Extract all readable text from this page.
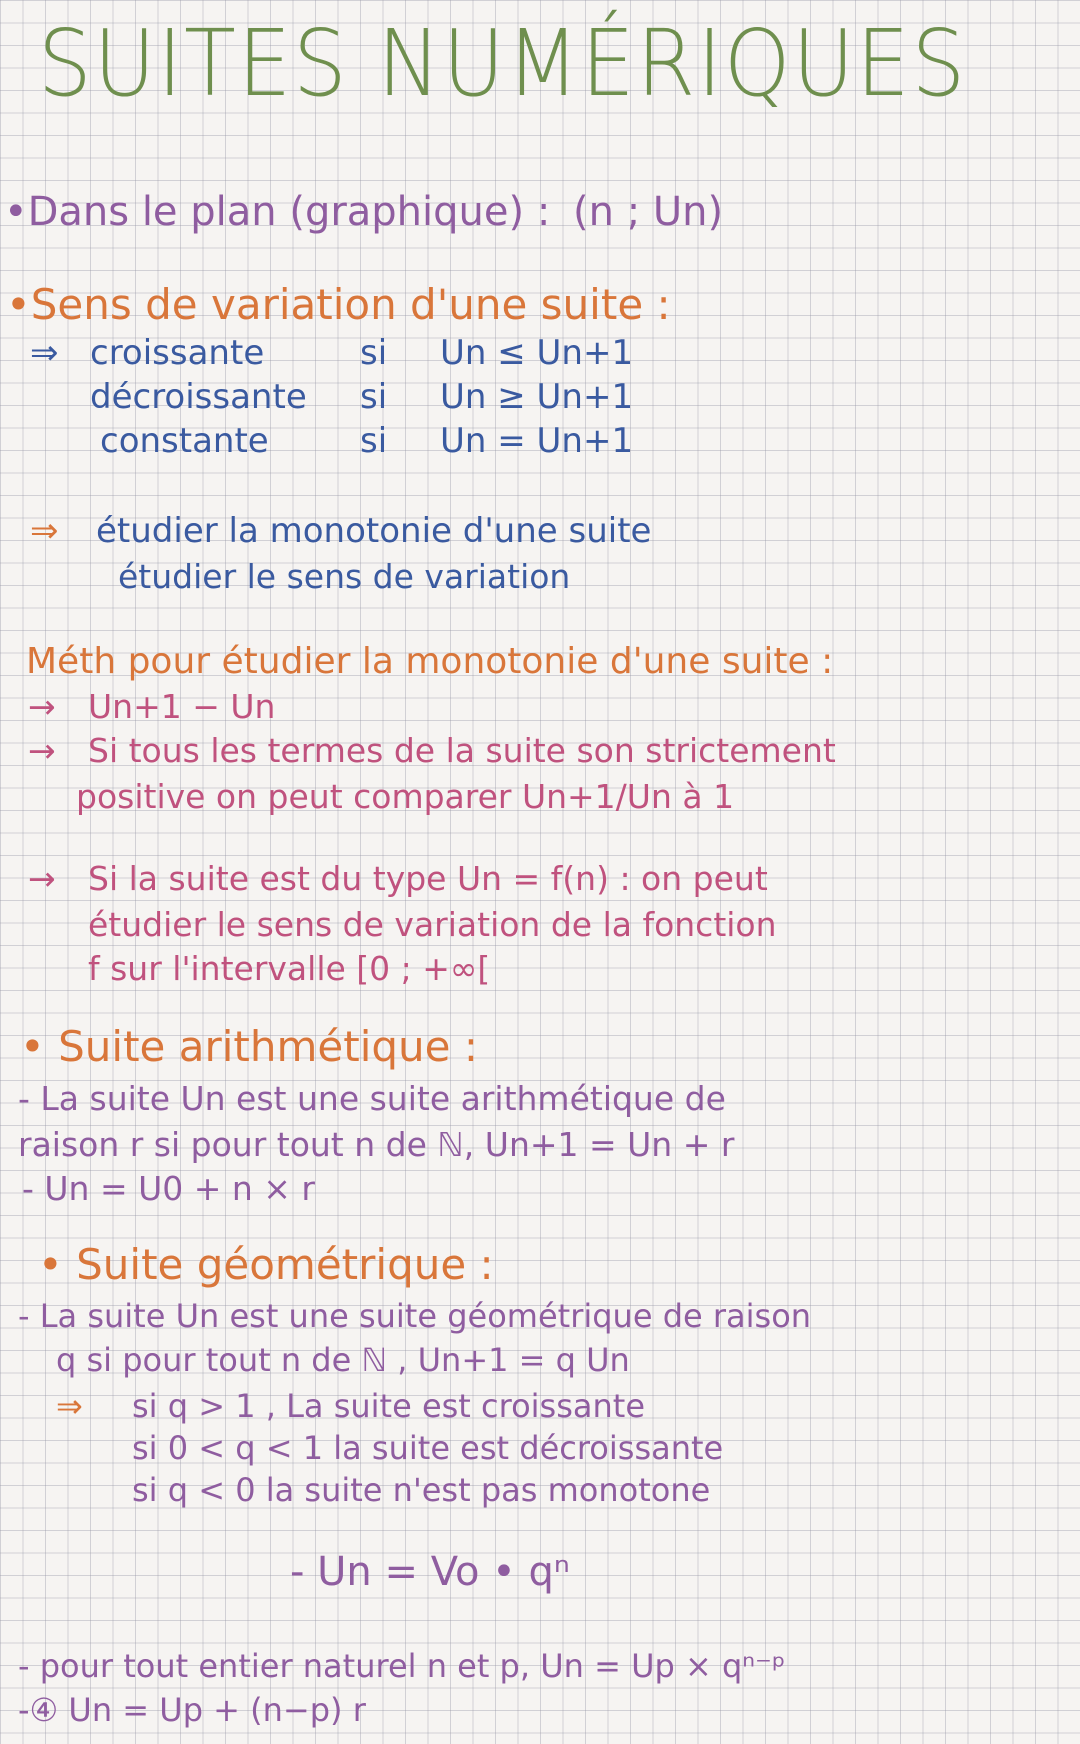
SUITES NUMÉRIQUES
•Dans le plan (graphique) : (n ; Un)
•Sens de variation d'une suite :
⇒ croissante	si Un ≤ Un+1
décroissante si Un ≥ Un+1
constante	si Un = Un+1
⇒ étudier la monotonie d'une suite
étudier le sens de variation
Méth pour étudier la monotonie d'une suite :
→ Un+1 − Un
→ Si tous les termes de la suite son strictement
positive on peut comparer Un+1/Un à 1
→ Si la suite est du type Un = f(n) : on peut
étudier le sens de variation de la fonction
f sur l'intervalle [0 ; +∞[
• Suite arithmétique :
- La suite Un est une suite arithmétique de
raison r si pour tout n de ℕ, Un+1 = Un + r
- Un = U0 + n × r
• Suite géométrique :
- La suite Un est une suite géométrique de raison
q si pour tout n de ℕ , Un+1 = q Un
⇒ si q > 1 , La suite est croissante
si 0 < q < 1 la suite est décroissante
si q < 0 la suite n'est pas monotone
- Un = Vo • qⁿ
- pour tout entier naturel n et p, Un = Up × qⁿ⁻ᵖ
-④ Un = Up + (n−p) r
